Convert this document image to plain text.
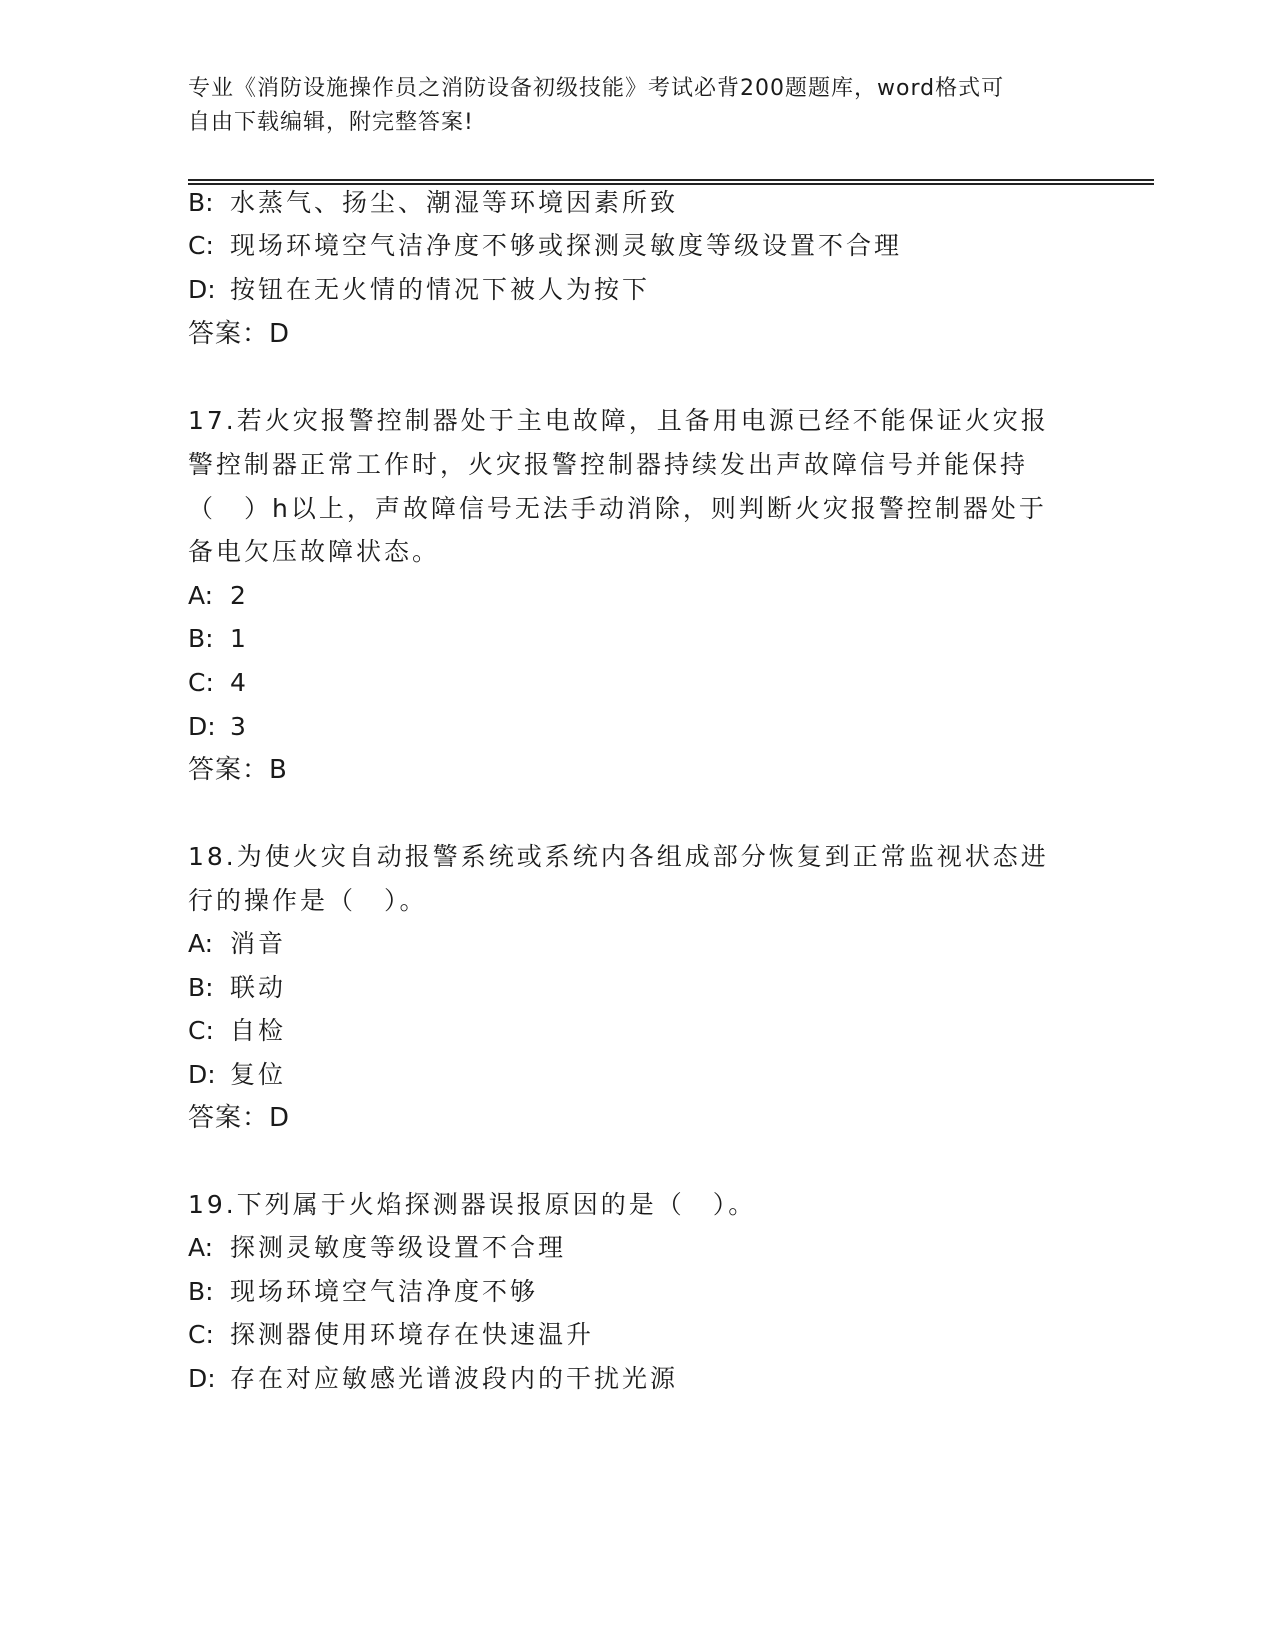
专业《消防设施操作员之消防设备初级技能》考试必背200题题库，word格式可
自由下载编辑，附完整答案!
B: 水蒸气、扬尘、潮湿等环境因素所致
C: 现场环境空气洁净度不够或探测灵敏度等级设置不合理
D: 按钮在无火情的情况下被人为按下
答案：D
17.若火灾报警控制器处于主电故障，且备用电源已经不能保证火灾报
警控制器正常工作时，火灾报警控制器持续发出声故障信号并能保持
（　）h以上，声故障信号无法手动消除，则判断火灾报警控制器处于
备电欠压故障状态。
A: 2
B: 1
C: 4
D: 3
答案：B
18.为使火灾自动报警系统或系统内各组成部分恢复到正常监视状态进
行的操作是（　）。
A: 消音
B: 联动
C: 自检
D: 复位
答案：D
19.下列属于火焰探测器误报原因的是（　）。
A: 探测灵敏度等级设置不合理
B: 现场环境空气洁净度不够
C: 探测器使用环境存在快速温升
D: 存在对应敏感光谱波段内的干扰光源
